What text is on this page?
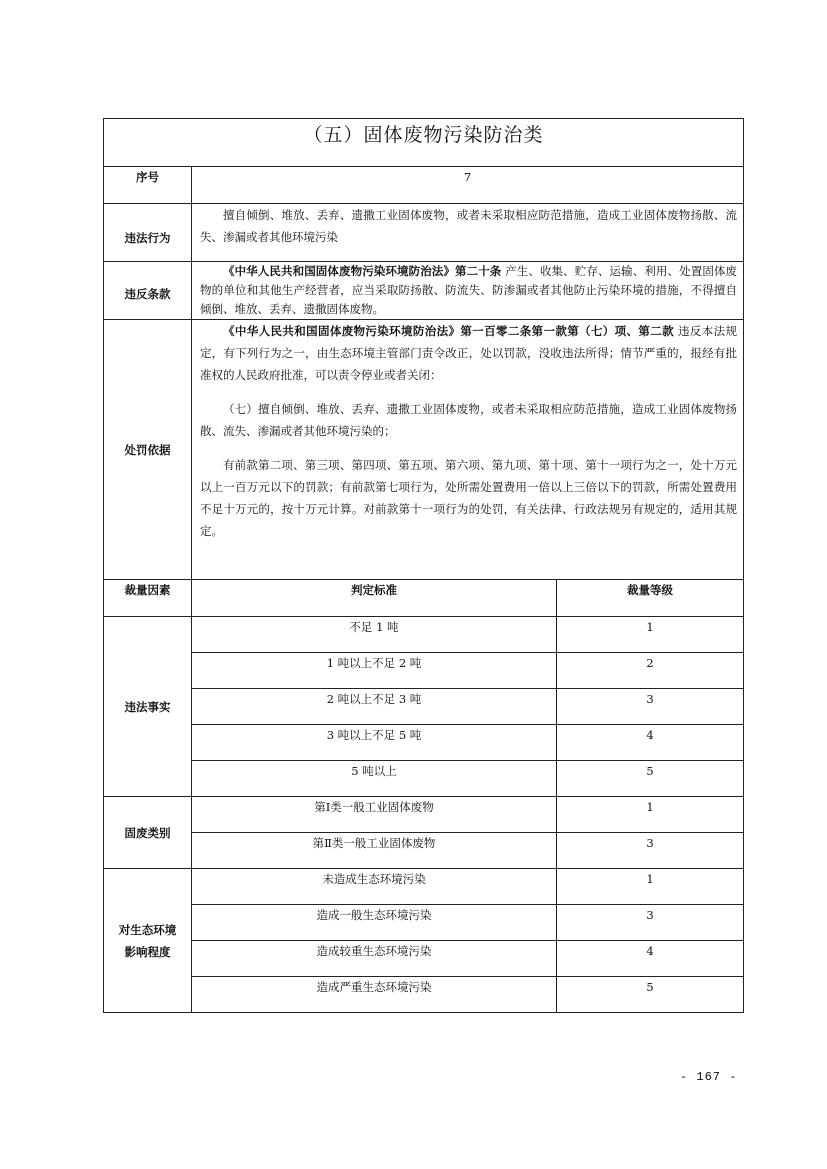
（五）固体废物污染防治类		

序号	7	
违法行为	擅自倾倒、堆放、丢弃、遗撒工业固体废物，或者未采取相应防范措施，造成工业固体废物扬散、流失、渗漏或者其他环境污染	

违反条款	《中华人民共和国固体废物污染环境防治法》第二十条 产生、收集、贮存、运输、利用、处置固体废物的单位和其他生产经营者，应当采取防扬散、防流失、防渗漏或者其他防止污染环境的措施，不得擅自倾倒、堆放、丢弃、遗撒固体废物。	

处罚依据	《中华人民共和国固体废物污染环境防治法》第一百零二条第一款第（七）项、第二款 违反本法规定，有下列行为之一，由生态环境主管部门责令改正，处以罚款，没收违法所得；情节严重的，报经有批准权的人民政府批准，可以责令停业或者关闭：

（七）擅自倾倒、堆放、丢弃、遗撒工业固体废物，或者未采取相应防范措施，造成工业固体废物扬散、流失、渗漏或者其他环境污染的；

有前款第二项、第三项、第四项、第五项、第六项、第九项、第十项、第十一项行为之一，处十万元以上一百万元以下的罚款；有前款第七项行为，处所需处置费用一倍以上三倍以下的罚款，所需处置费用不足十万元的，按十万元计算。对前款第十一项行为的处罚，有关法律、行政法规另有规定的，适用其规定。	

裁量因素	判定标准	裁量等级
违法事实	不足 1 吨	1
	1 吨以上不足 2 吨	2
	2 吨以上不足 3 吨	3
	3 吨以上不足 5 吨	4
	5 吨以上	5
固废类别	第Ⅰ类一般工业固体废物	1
	第Ⅱ类一般工业固体废物	3

对生态环境
影响程度	未造成生态环境污染	1
	造成一般生态环境污染	3
	造成较重生态环境污染	4
	造成严重生态环境污染	5
- 167 -
